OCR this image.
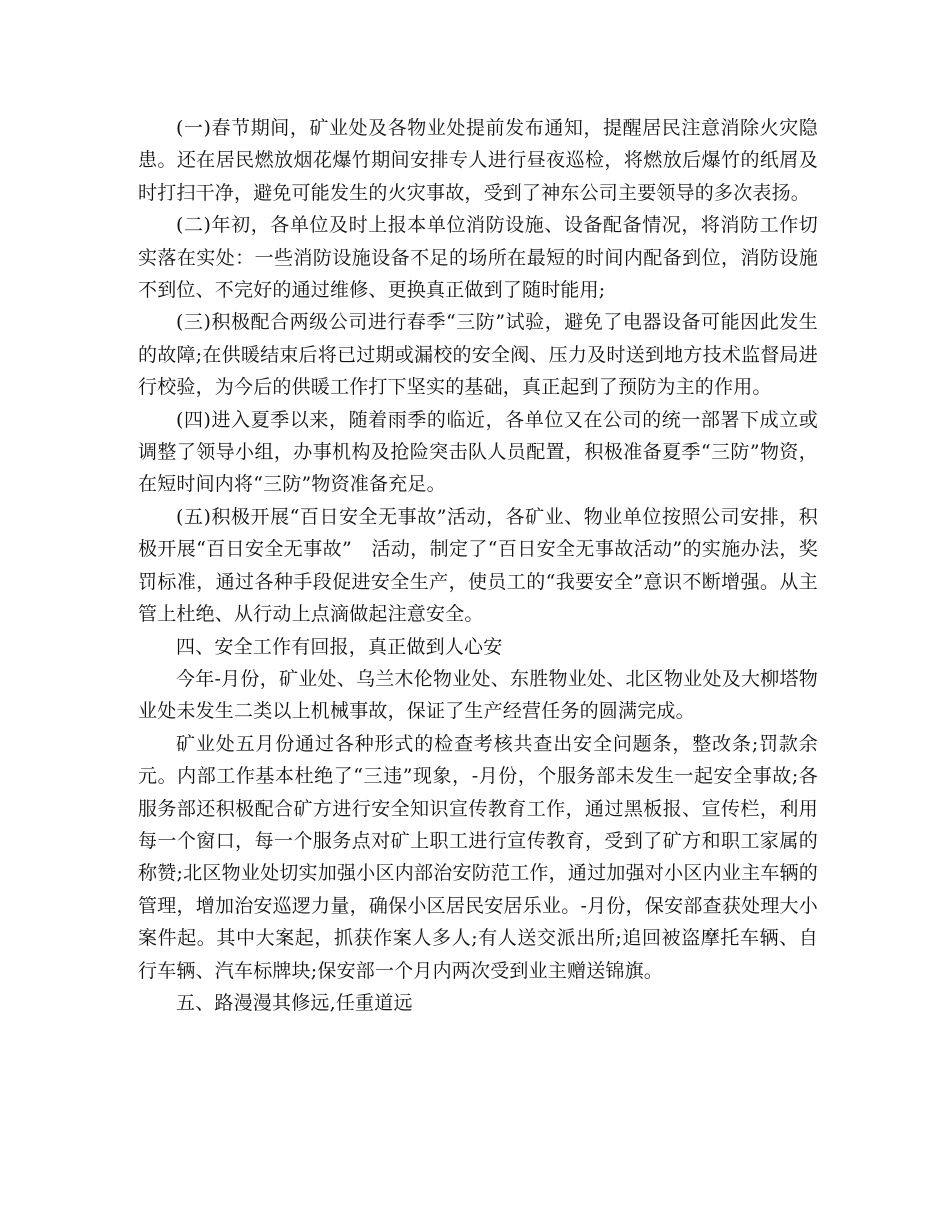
(一)春节期间，矿业处及各物业处提前发布通知，提醒居民注意消除火灾隐患。还在居民燃放烟花爆竹期间安排专人进行昼夜巡检，将燃放后爆竹的纸屑及时打扫干净，避免可能发生的火灾事故，受到了神东公司主要领导的多次表扬。

(二)年初，各单位及时上报本单位消防设施、设备配备情况，将消防工作切实落在实处：一些消防设施设备不足的场所在最短的时间内配备到位，消防设施不到位、不完好的通过维修、更换真正做到了随时能用;

(三)积极配合两级公司进行春季“三防”试验，避免了电器设备可能因此发生的故障;在供暖结束后将已过期或漏校的安全阀、压力及时送到地方技术监督局进行校验，为今后的供暖工作打下坚实的基础，真正起到了预防为主的作用。

(四)进入夏季以来，随着雨季的临近，各单位又在公司的统一部署下成立或调整了领导小组，办事机构及抢险突击队人员配置，积极准备夏季“三防”物资，在短时间内将“三防”物资准备充足。

(五)积极开展“百日安全无事故”活动，各矿业、物业单位按照公司安排，积极开展“百日安全无事故”　活动，制定了“百日安全无事故活动”的实施办法，奖罚标准，通过各种手段促进安全生产，使员工的“我要安全”意识不断增强。从主管上杜绝、从行动上点滴做起注意安全。

四、安全工作有回报，真正做到人心安

今年-月份，矿业处、乌兰木伦物业处、东胜物业处、北区物业处及大柳塔物业处未发生二类以上机械事故，保证了生产经营任务的圆满完成。

矿业处五月份通过各种形式的检查考核共查出安全问题条，整改条;罚款余元。内部工作基本杜绝了“三违”现象，-月份，个服务部未发生一起安全事故;各服务部还积极配合矿方进行安全知识宣传教育工作，通过黑板报、宣传栏，利用每一个窗口，每一个服务点对矿上职工进行宣传教育，受到了矿方和职工家属的称赞;北区物业处切实加强小区内部治安防范工作，通过加强对小区内业主车辆的管理，增加治安巡逻力量，确保小区居民安居乐业。-月份，保安部查获处理大小案件起。其中大案起，抓获作案人多人;有人送交派出所;追回被盗摩托车辆、自行车辆、汽车标牌块;保安部一个月内两次受到业主赠送锦旗。

五、路漫漫其修远,任重道远
